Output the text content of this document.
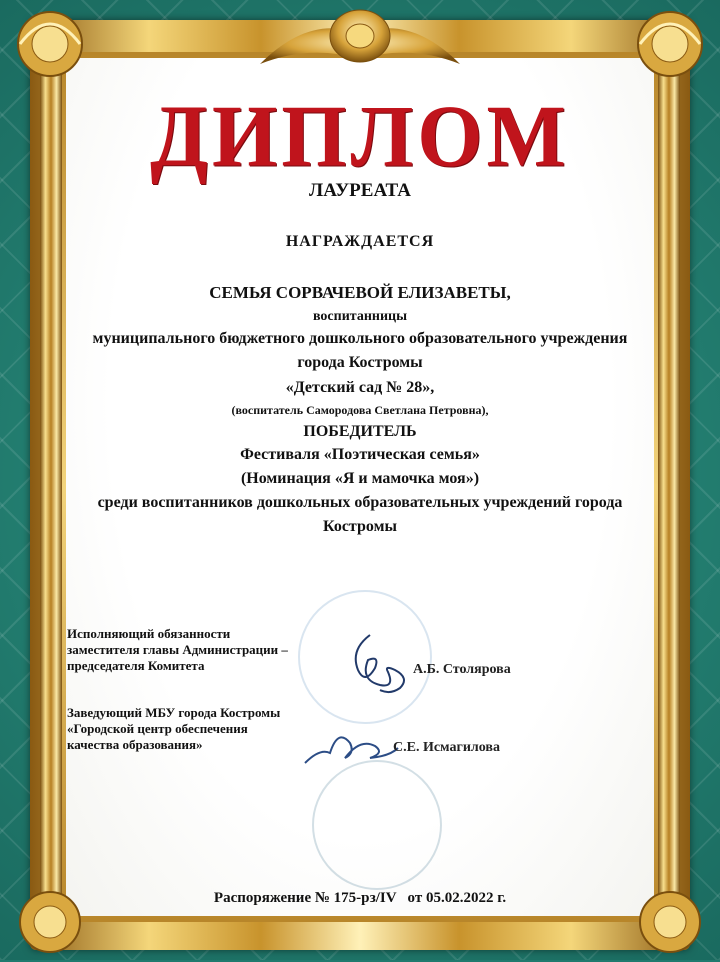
ДИПЛОМ
ЛАУРЕАТА
НАГРАЖДАЕТСЯ
СЕМЬЯ СОРВАЧЕВОЙ ЕЛИЗАВЕТЫ,
воспитанницы
муниципального бюджетного дошкольного образовательного учреждения
города Костромы
«Детский сад № 28»,
(воспитатель Самородова Светлана Петровна),
ПОБЕДИТЕЛЬ
Фестиваля «Поэтическая семья»
(Номинация «Я и мамочка моя»)
среди воспитанников дошкольных образовательных учреждений города
Костромы
Исполняющий обязанности
заместителя главы Администрации –
председателя Комитета	А.Б. Столярова
Заведующий МБУ города Костромы
«Городской центр обеспечения
качества образования»	С.Е. Исмагилова
Распоряжение № 175-рз/IV   от 05.02.2022 г.
